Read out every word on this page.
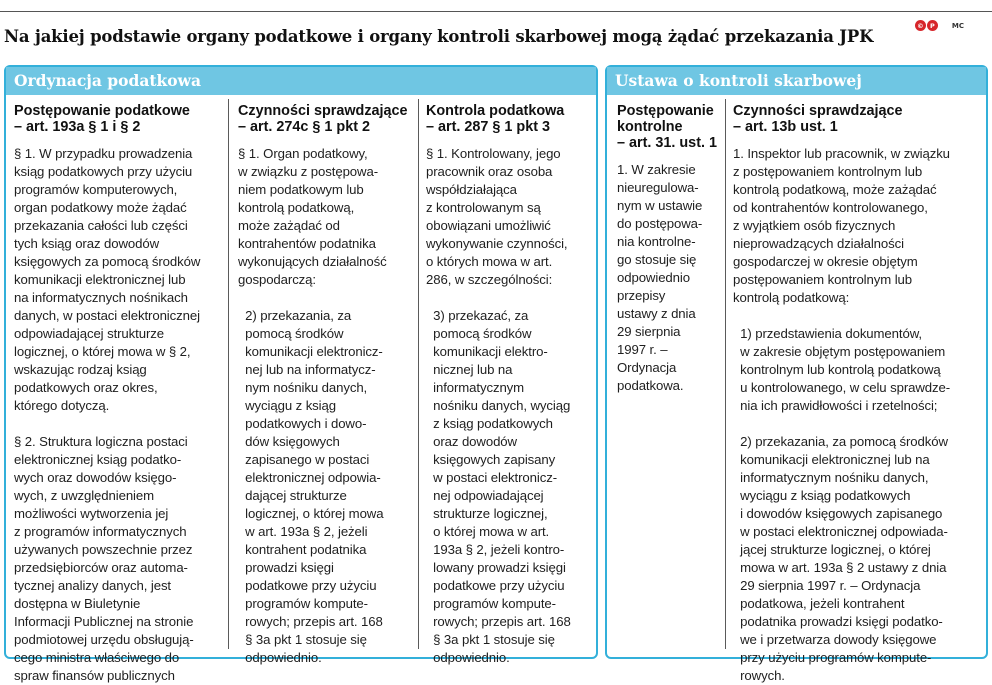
Na jakiej podstawie organy podatkowe i organy kontroli skarbowej mogą żądać przekazania JPK
© P	MC
Ordynacja podatkowa
Postępowanie podatkowe
– art. 193a § 1 i § 2
§ 1. W przypadku prowadzenia
ksiąg podatkowych przy użyciu
programów komputerowych,
organ podatkowy może żądać
przekazania całości lub części
tych ksiąg oraz dowodów
księgowych za pomocą środków
komunikacji elektronicznej lub
na informatycznych nośnikach
danych, w postaci elektronicznej
odpowiadającej strukturze
logicznej, o której mowa w § 2,
wskazując rodzaj ksiąg
podatkowych oraz okres,
którego dotyczą.

§ 2. Struktura logiczna postaci
elektronicznej ksiąg podatko-
wych oraz dowodów księgo-
wych, z uwzględnieniem
możliwości wytworzenia jej
z programów informatycznych
używanych powszechnie przez
przedsiębiorców oraz automa-
tycznej analizy danych, jest
dostępna w Biuletynie
Informacji Publicznej na stronie
podmiotowej urzędu obsługują-
cego ministra właściwego do
spraw finansów publicznych
Czynności sprawdzające
– art. 274c § 1 pkt 2
§ 1. Organ podatkowy,
w związku z postępowa-
niem podatkowym lub
kontrolą podatkową,
może zażądać od
kontrahentów podatnika
wykonujących działalność
gospodarczą:

2) przekazania, za
pomocą środków
komunikacji elektronicz-
nej lub na informatycz-
nym nośniku danych,
wyciągu z ksiąg
podatkowych i dowo-
dów księgowych
zapisanego w postaci
elektronicznej odpowia-
dającej strukturze
logicznej, o której mowa
w art. 193a § 2, jeżeli
kontrahent podatnika
prowadzi księgi
podatkowe przy użyciu
programów kompute-
rowych; przepis art. 168
§ 3a pkt 1 stosuje się
odpowiednio.
Kontrola podatkowa
– art. 287 § 1 pkt 3
§ 1. Kontrolowany, jego
pracownik oraz osoba
współdziałająca
z kontrolowanym są
obowiązani umożliwić
wykonywanie czynności,
o których mowa w art.
286, w szczególności:

3) przekazać, za
pomocą środków
komunikacji elektro-
nicznej lub na
informatycznym
nośniku danych, wyciąg
z ksiąg podatkowych
oraz dowodów
księgowych zapisany
w postaci elektronicz-
nej odpowiadającej
strukturze logicznej,
o której mowa w art.
193a § 2, jeżeli kontro-
lowany prowadzi księgi
podatkowe przy użyciu
programów kompute-
rowych; przepis art. 168
§ 3a pkt 1 stosuje się
odpowiednio.
Ustawa o kontroli skarbowej
Postępowanie
kontrolne
– art. 31. ust. 1
1. W zakresie
nieuregulowa-
nym w ustawie
do postępowa-
nia kontrolne-
go stosuje się
odpowiednio
przepisy
ustawy z dnia
29 sierpnia
1997 r. –
Ordynacja
podatkowa.
Czynności sprawdzające
– art. 13b ust. 1
1. Inspektor lub pracownik, w związku
z postępowaniem kontrolnym lub
kontrolą podatkową, może zażądać
od kontrahentów kontrolowanego,
z wyjątkiem osób fizycznych
nieprowadzących działalności
gospodarczej w okresie objętym
postępowaniem kontrolnym lub
kontrolą podatkową:

1) przedstawienia dokumentów,
w zakresie objętym postępowaniem
kontrolnym lub kontrolą podatkową
u kontrolowanego, w celu sprawdze-
nia ich prawidłowości i rzetelności;

2) przekazania, za pomocą środków
komunikacji elektronicznej lub na
informatycznym nośniku danych,
wyciągu z ksiąg podatkowych
i dowodów księgowych zapisanego
w postaci elektronicznej odpowiada-
jącej strukturze logicznej, o której
mowa w art. 193a § 2 ustawy z dnia
29 sierpnia 1997 r. – Ordynacja
podatkowa, jeżeli kontrahent
podatnika prowadzi księgi podatko-
we i przetwarza dowody księgowe
przy użyciu programów kompute-
rowych.
